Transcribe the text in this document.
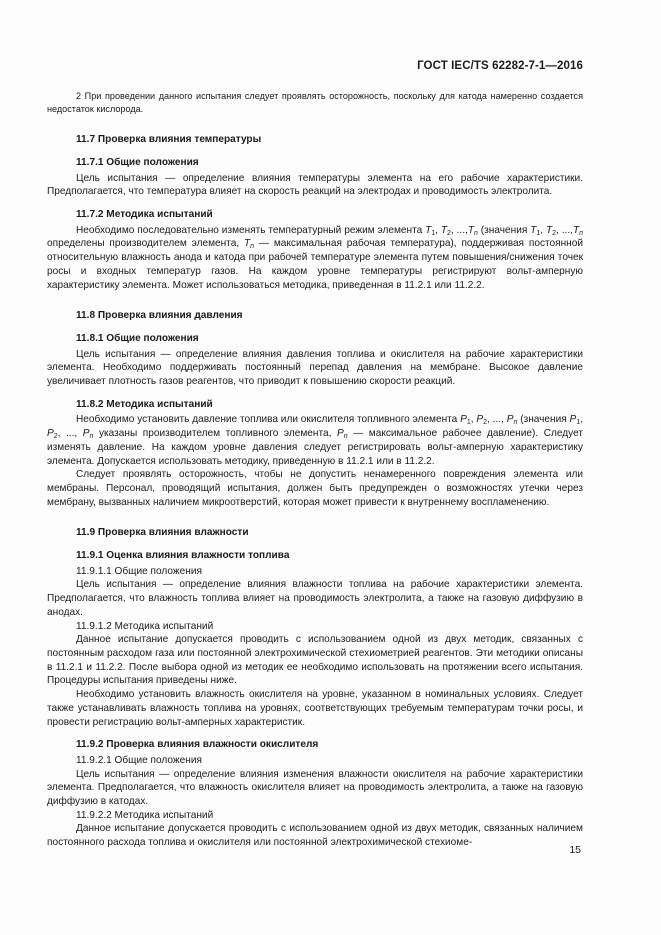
ГОСТ IEC/TS 62282-7-1—2016

2 При проведении данного испытания следует проявлять осторожность, поскольку для катода намеренно создается недостаток кислорода.

11.7 Проверка влияния температуры

11.7.1 Общие положения

Цель испытания — определение влияния температуры элемента на его рабочие характеристики. Предполагается, что температура влияет на скорость реакций на электродах и проводимость электролита.

11.7.2 Методика испытаний

Необходимо последовательно изменять температурный режим элемента $T_1$, $T_2$, $...,T_n$ (значения $T_1$, $T_2$, $...,T_n$ определены производителем элемента, $T_n$ — максимальная рабочая температура), поддерживая постоянной относительную влажность анода и катода при рабочей температуре элемента путем повышения/снижения точек росы и входных температур газов. На каждом уровне температуры регистрируют вольт-амперную характеристику элемента. Может использоваться методика, приведенная в 11.2.1 или 11.2.2.

11.8 Проверка влияния давления

11.8.1 Общие положения

Цель испытания — определение влияния давления топлива и окислителя на рабочие характеристики элемента. Необходимо поддерживать постоянный перепад давления на мембране. Высокое давление увеличивает плотность газов реагентов, что приводит к повышению скорости реакций.

11.8.2 Методика испытаний

Необходимо установить давление топлива или окислителя топливного элемента $P_1$, $P_2$, ..., $P_n$ (значения $P_1$, $P_2$, ..., $P_n$ указаны производителем топливного элемента, $P_n$ — максимальное рабочее давление). Следует изменять давление. На каждом уровне давления следует регистрировать вольт-амперную характеристику элемента. Допускается использовать методику, приведенную в 11.2.1 или в 11.2.2.

Следует проявлять осторожность, чтобы не допустить ненамеренного повреждения элемента или мембраны. Персонал, проводящий испытания, должен быть предупрежден о возможностях утечки через мембрану, вызванных наличием микроотверстий, которая может привести к внутреннему воспламенению.

11.9 Проверка влияния влажности

11.9.1 Оценка влияния влажности топлива

11.9.1.1 Общие положения

Цель испытания — определение влияния влажности топлива на рабочие характеристики элемента. Предполагается, что влажность топлива влияет на проводимость электролита, а также на газовую диффузию в анодах.

11.9.1.2 Методика испытаний

Данное испытание допускается проводить с использованием одной из двух методик, связанных с постоянным расходом газа или постоянной электрохимической стехиометрией реагентов. Эти методики описаны в 11.2.1 и 11.2.2. После выбора одной из методик ее необходимо использовать на протяжении всего испытания. Процедуры испытания приведены ниже.

Необходимо установить влажность окислителя на уровне, указанном в номинальных условиях. Следует также устанавливать влажность топлива на уровнях, соответствующих требуемым температурам точки росы, и провести регистрацию вольт-амперных характеристик.

11.9.2 Проверка влияния влажности окислителя

11.9.2.1 Общие положения

Цель испытания — определение влияния изменения влажности окислителя на рабочие характеристики элемента. Предполагается, что влажность окислителя влияет на проводимость электролита, а также на газовую диффузию в катодах.

11.9.2.2 Методика испытаний

Данное испытание допускается проводить с использованием одной из двух методик, связанных наличием постоянного расхода топлива и окислителя или постоянной электрохимической стехиоме-

15
